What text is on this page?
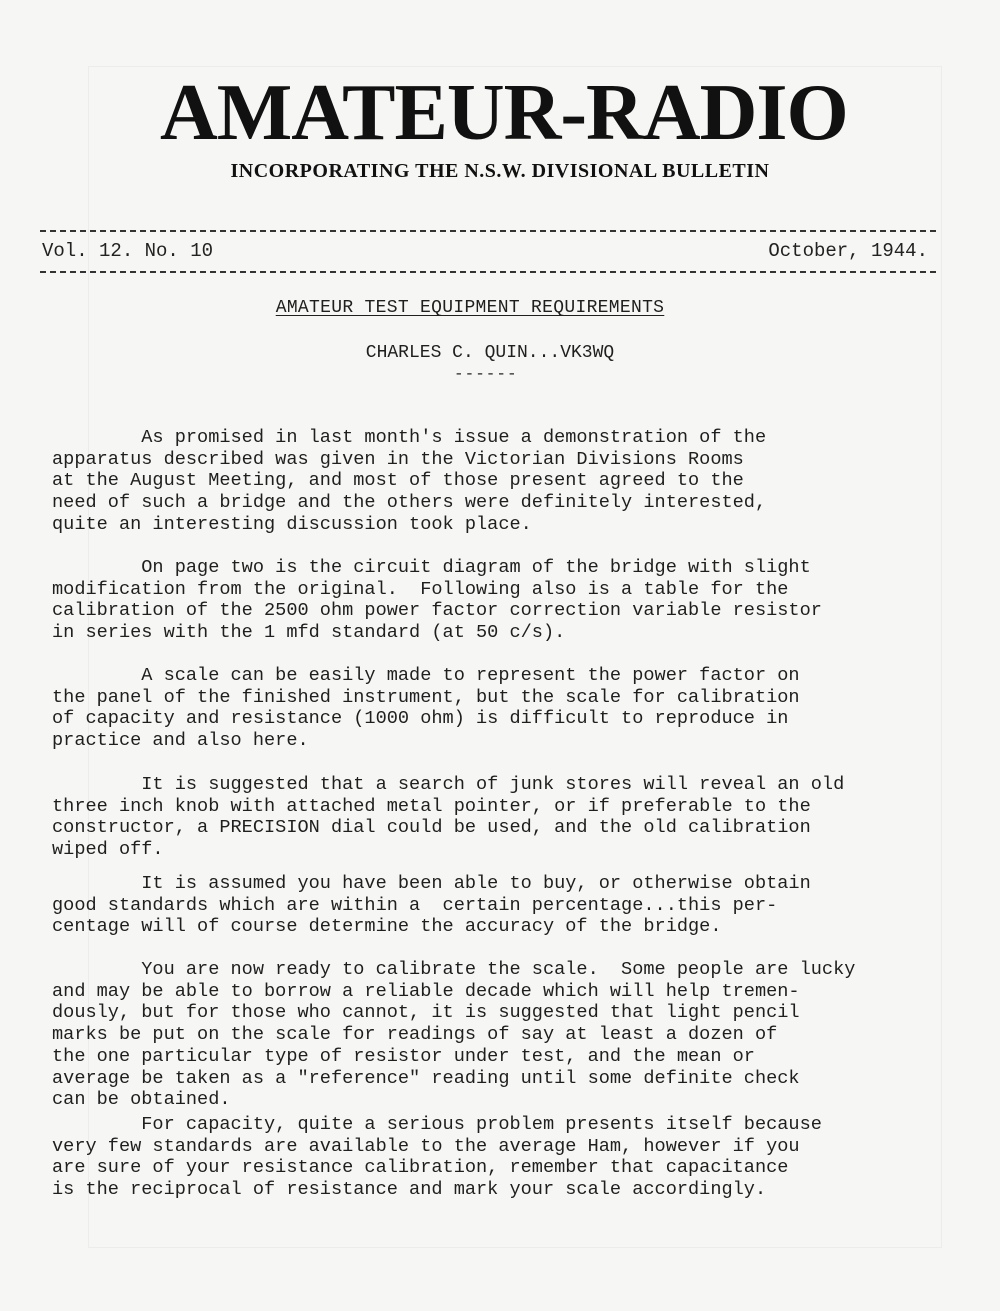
AMATEUR-RADIO
INCORPORATING THE N.S.W. DIVISIONAL BULLETIN
Vol. 12. No. 10	October, 1944.
AMATEUR TEST EQUIPMENT REQUIREMENTS
CHARLES C. QUIN...VK3WQ
------
As promised in last month's issue a demonstration of the
apparatus described was given in the Victorian Divisions Rooms
at the August Meeting, and most of those present agreed to the
need of such a bridge and the others were definitely interested,
quite an interesting discussion took place.
On page two is the circuit diagram of the bridge with slight
modification from the original.  Following also is a table for the
calibration of the 2500 ohm power factor correction variable resistor
in series with the 1 mfd standard (at 50 c/s).
A scale can be easily made to represent the power factor on
the panel of the finished instrument, but the scale for calibration
of capacity and resistance (1000 ohm) is difficult to reproduce in
practice and also here.
It is suggested that a search of junk stores will reveal an old
three inch knob with attached metal pointer, or if preferable to the
constructor, a PRECISION dial could be used, and the old calibration
wiped off.
It is assumed you have been able to buy, or otherwise obtain
good standards which are within a  certain percentage...this per-
centage will of course determine the accuracy of the bridge.
You are now ready to calibrate the scale.  Some people are lucky
and may be able to borrow a reliable decade which will help tremen-
dously, but for those who cannot, it is suggested that light pencil
marks be put on the scale for readings of say at least a dozen of
the one particular type of resistor under test, and the mean or
average be taken as a "reference" reading until some definite check
can be obtained.
For capacity, quite a serious problem presents itself because
very few standards are available to the average Ham, however if you
are sure of your resistance calibration, remember that capacitance
is the reciprocal of resistance and mark your scale accordingly.
